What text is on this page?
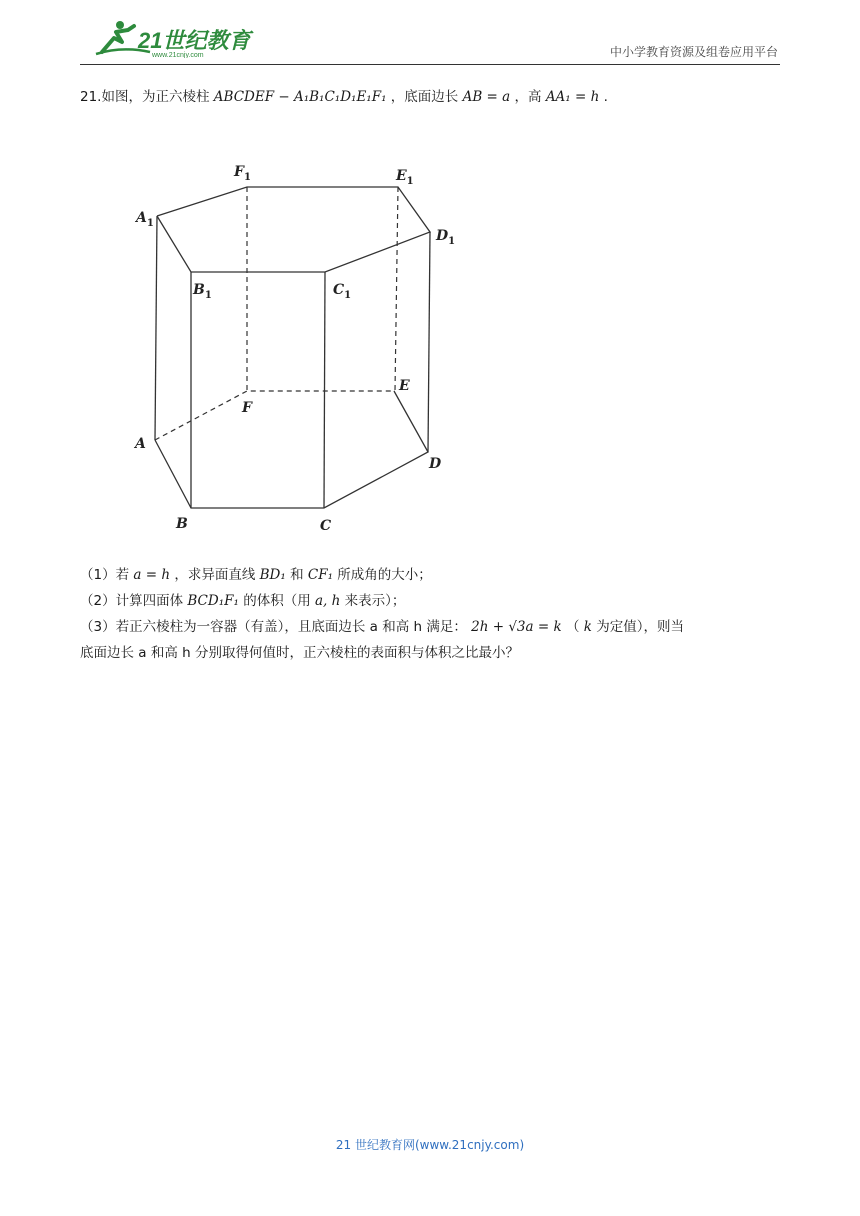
21世纪教育
www.21cnjy.com	中小学教育资源及组卷应用平台
21.如图，为正六棱柱 ABCDEF − A₁B₁C₁D₁E₁F₁ ，底面边长 AB = a ，高 AA₁ = h .
$F_1$	$E_1$
$A_1$
$D_1$
$B_1$	$C_1$
E
F
A
D
B	C

（1）若 a = h ，求异面直线 BD₁ 和 CF₁ 所成角的大小；

（2）计算四面体 BCD₁F₁ 的体积（用 a, h 来表示）；

（3）若正六棱柱为一容器（有盖），且底面边长 a 和高 h 满足： 2h + √3a = k （ k 为定值），则当

底面边长 a 和高 h 分别取得何值时，正六棱柱的表面积与体积之比最小？

21 世纪教育网(www.21cnjy.com)
